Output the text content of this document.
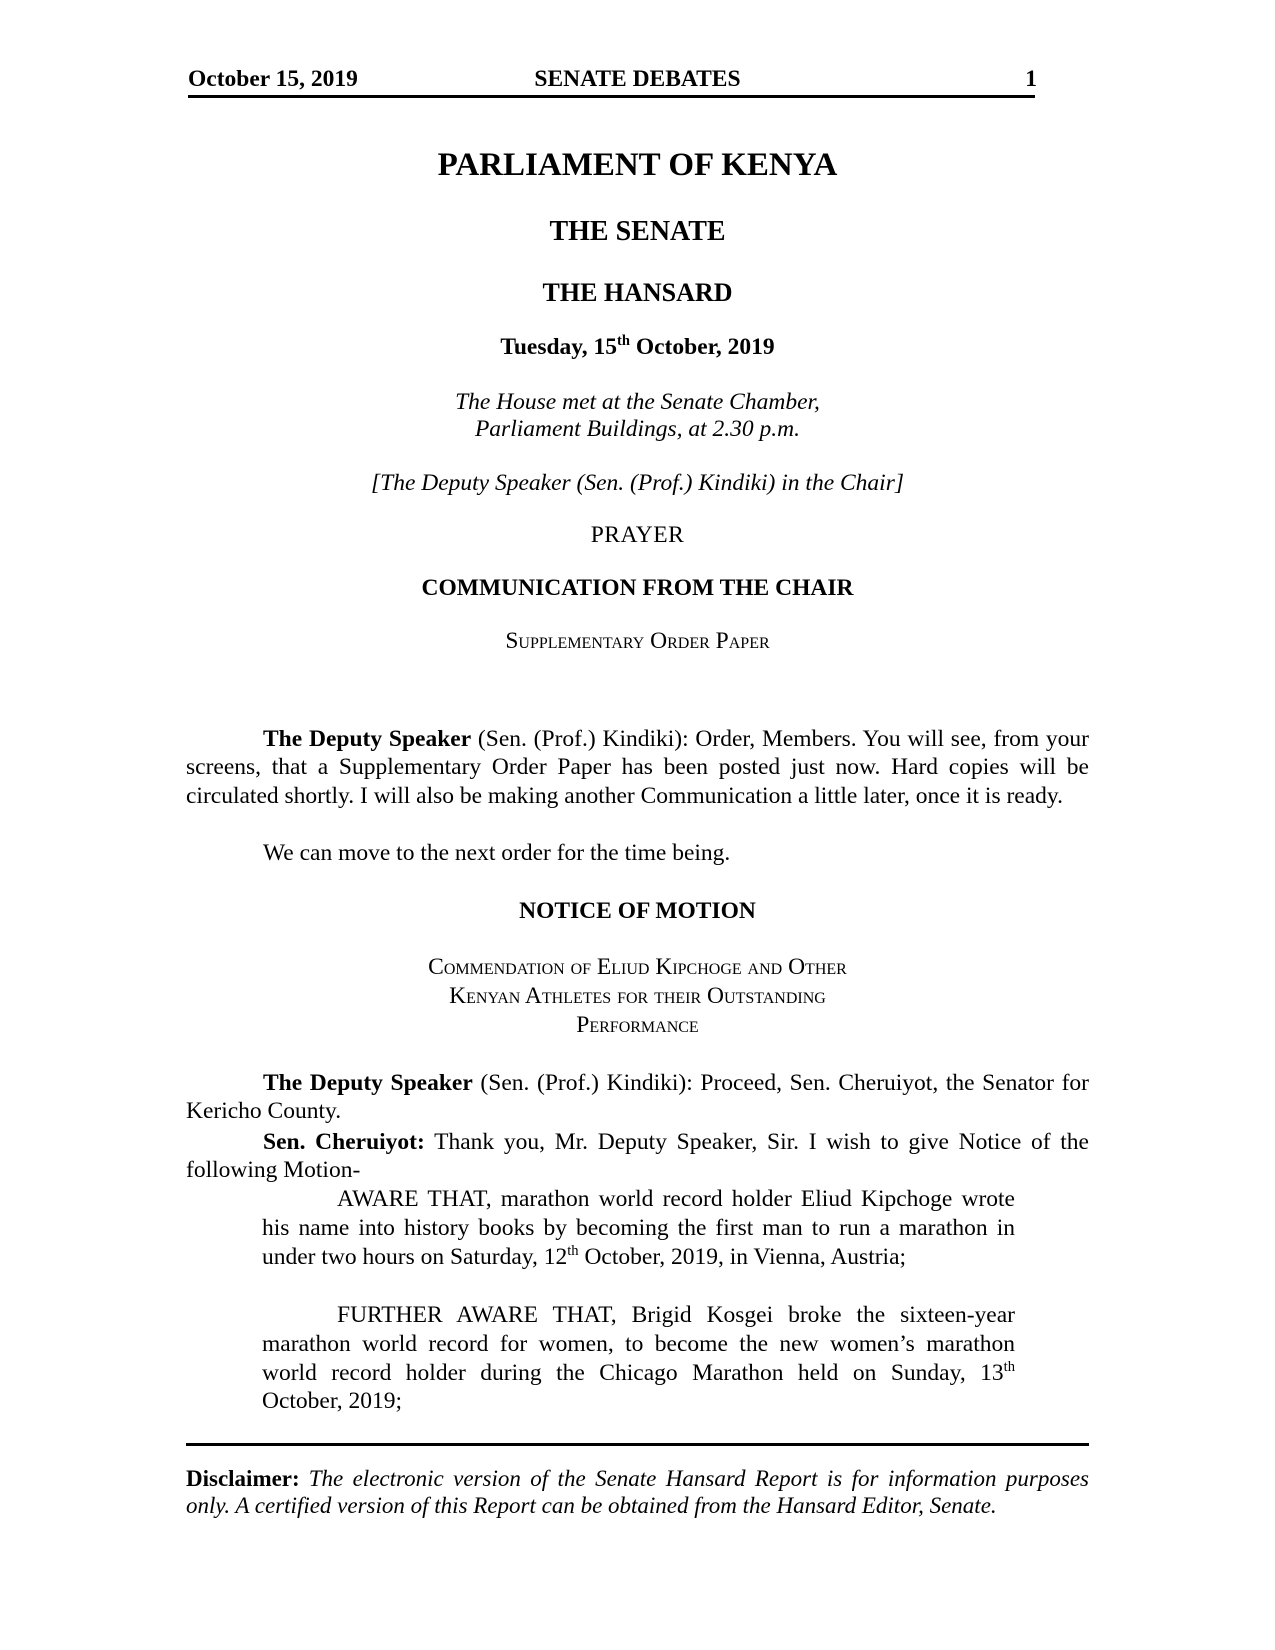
October 15, 2019	SENATE DEBATES	1
PARLIAMENT OF KENYA
THE SENATE
THE HANSARD
Tuesday, 15th October, 2019
The House met at the Senate Chamber,
Parliament Buildings, at 2.30 p.m.
[The Deputy Speaker (Sen. (Prof.) Kindiki) in the Chair]
PRAYER
COMMUNICATION FROM THE CHAIR
Supplementary Order Paper

The Deputy Speaker (Sen. (Prof.) Kindiki): Order, Members. You will see, from your screens, that a Supplementary Order Paper has been posted just now. Hard copies will be circulated shortly. I will also be making another Communication a little later, once it is ready.

We can move to the next order for the time being.

NOTICE OF MOTION
Commendation of Eliud Kipchoge and Other
Kenyan Athletes for their Outstanding
Performance

The Deputy Speaker (Sen. (Prof.) Kindiki): Proceed, Sen. Cheruiyot, the Senator for Kericho County.

Sen. Cheruiyot: Thank you, Mr. Deputy Speaker, Sir. I wish to give Notice of the following Motion-

AWARE THAT, marathon world record holder Eliud Kipchoge wrote his name into history books by becoming the first man to run a marathon in under two hours on Saturday, 12th October, 2019, in Vienna, Austria;

FURTHER AWARE THAT, Brigid Kosgei broke the sixteen-year marathon world record for women, to become the new women’s marathon world record holder during the Chicago Marathon held on Sunday, 13th October, 2019;

Disclaimer: The electronic version of the Senate Hansard Report is for information purposes only. A certified version of this Report can be obtained from the Hansard Editor, Senate.
